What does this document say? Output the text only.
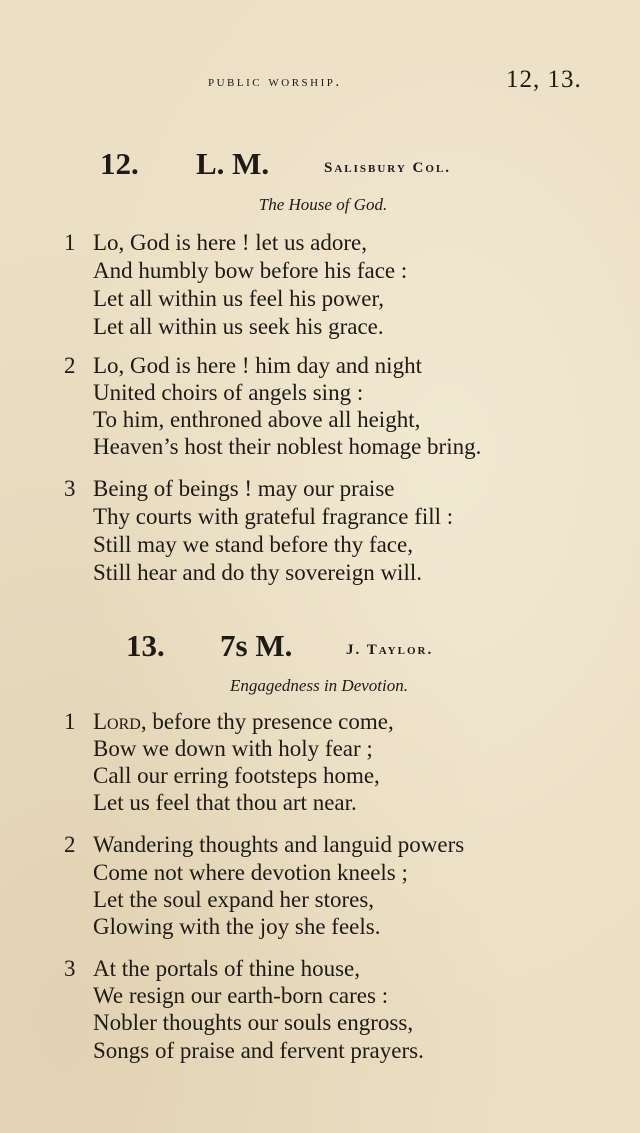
public worship.	12, 13.
12. L. M.	Salisbury Col.
The House of God.
1 Lo, God is here ! let us adore,
And humbly bow before his face :
Let all within us feel his power,
Let all within us seek his grace.
2 Lo, God is here ! him day and night
United choirs of angels sing :
To him, enthroned above all height,
Heaven’s host their noblest homage bring.
3 Being of beings ! may our praise
Thy courts with grateful fragrance fill :
Still may we stand before thy face,
Still hear and do thy sovereign will.
13. 7s M.	J. Taylor.
Engagedness in Devotion.
1 Lord, before thy presence come,
Bow we down with holy fear ;
Call our erring footsteps home,
Let us feel that thou art near.
2 Wandering thoughts and languid powers
Come not where devotion kneels ;
Let the soul expand her stores,
Glowing with the joy she feels.
3 At the portals of thine house,
We resign our earth-born cares :
Nobler thoughts our souls engross,
Songs of praise and fervent prayers.
